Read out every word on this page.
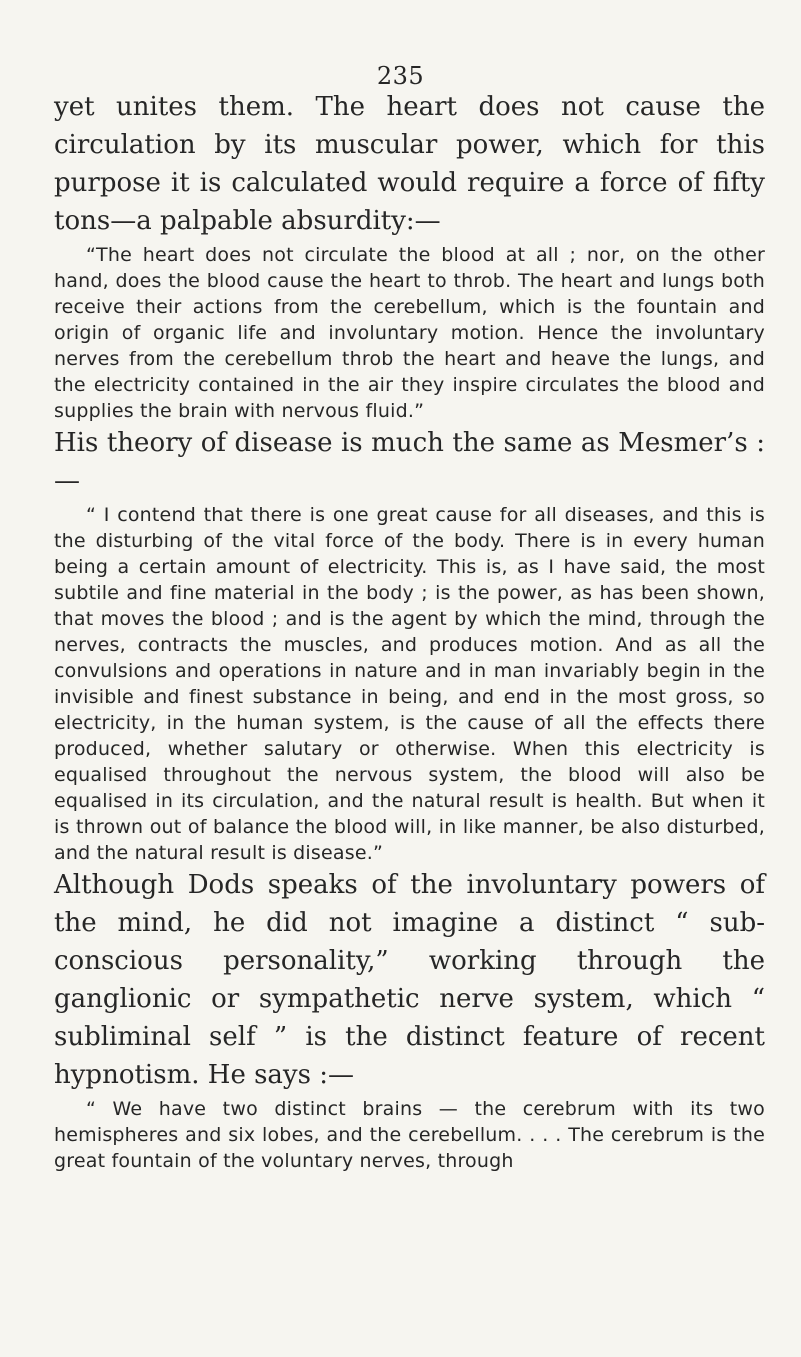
235

yet unites them. The heart does not cause the circulation by its muscular power, which for this purpose it is calculated would require a force of fifty tons—a palpable absurdity:—

“The heart does not circulate the blood at all ; nor, on the other hand, does the blood cause the heart to throb. The heart and lungs both receive their actions from the cerebellum, which is the fountain and origin of organic life and involuntary motion. Hence the involuntary nerves from the cerebellum throb the heart and heave the lungs, and the electricity contained in the air they inspire circulates the blood and supplies the brain with nervous fluid.”

His theory of disease is much the same as Mesmer’s :—

“ I contend that there is one great cause for all diseases, and this is the disturbing of the vital force of the body. There is in every human being a certain amount of electricity. This is, as I have said, the most subtile and fine material in the body ; is the power, as has been shown, that moves the blood ; and is the agent by which the mind, through the nerves, contracts the muscles, and produces motion. And as all the convulsions and operations in nature and in man invariably begin in the invisible and finest substance in being, and end in the most gross, so electricity, in the human system, is the cause of all the effects there produced, whether salutary or otherwise. When this electricity is equalised throughout the nervous system, the blood will also be equalised in its circulation, and the natural result is health. But when it is thrown out of balance the blood will, in like manner, be also disturbed, and the natural result is disease.”

Although Dods speaks of the involuntary powers of the mind, he did not imagine a distinct “ sub-conscious personality,” working through the ganglionic or sympathetic nerve system, which “ subliminal self ” is the distinct feature of recent hypnotism. He says :—

“ We have two distinct brains — the cerebrum with its two hemispheres and six lobes, and the cerebellum. . . . The cerebrum is the great fountain of the voluntary nerves, through
